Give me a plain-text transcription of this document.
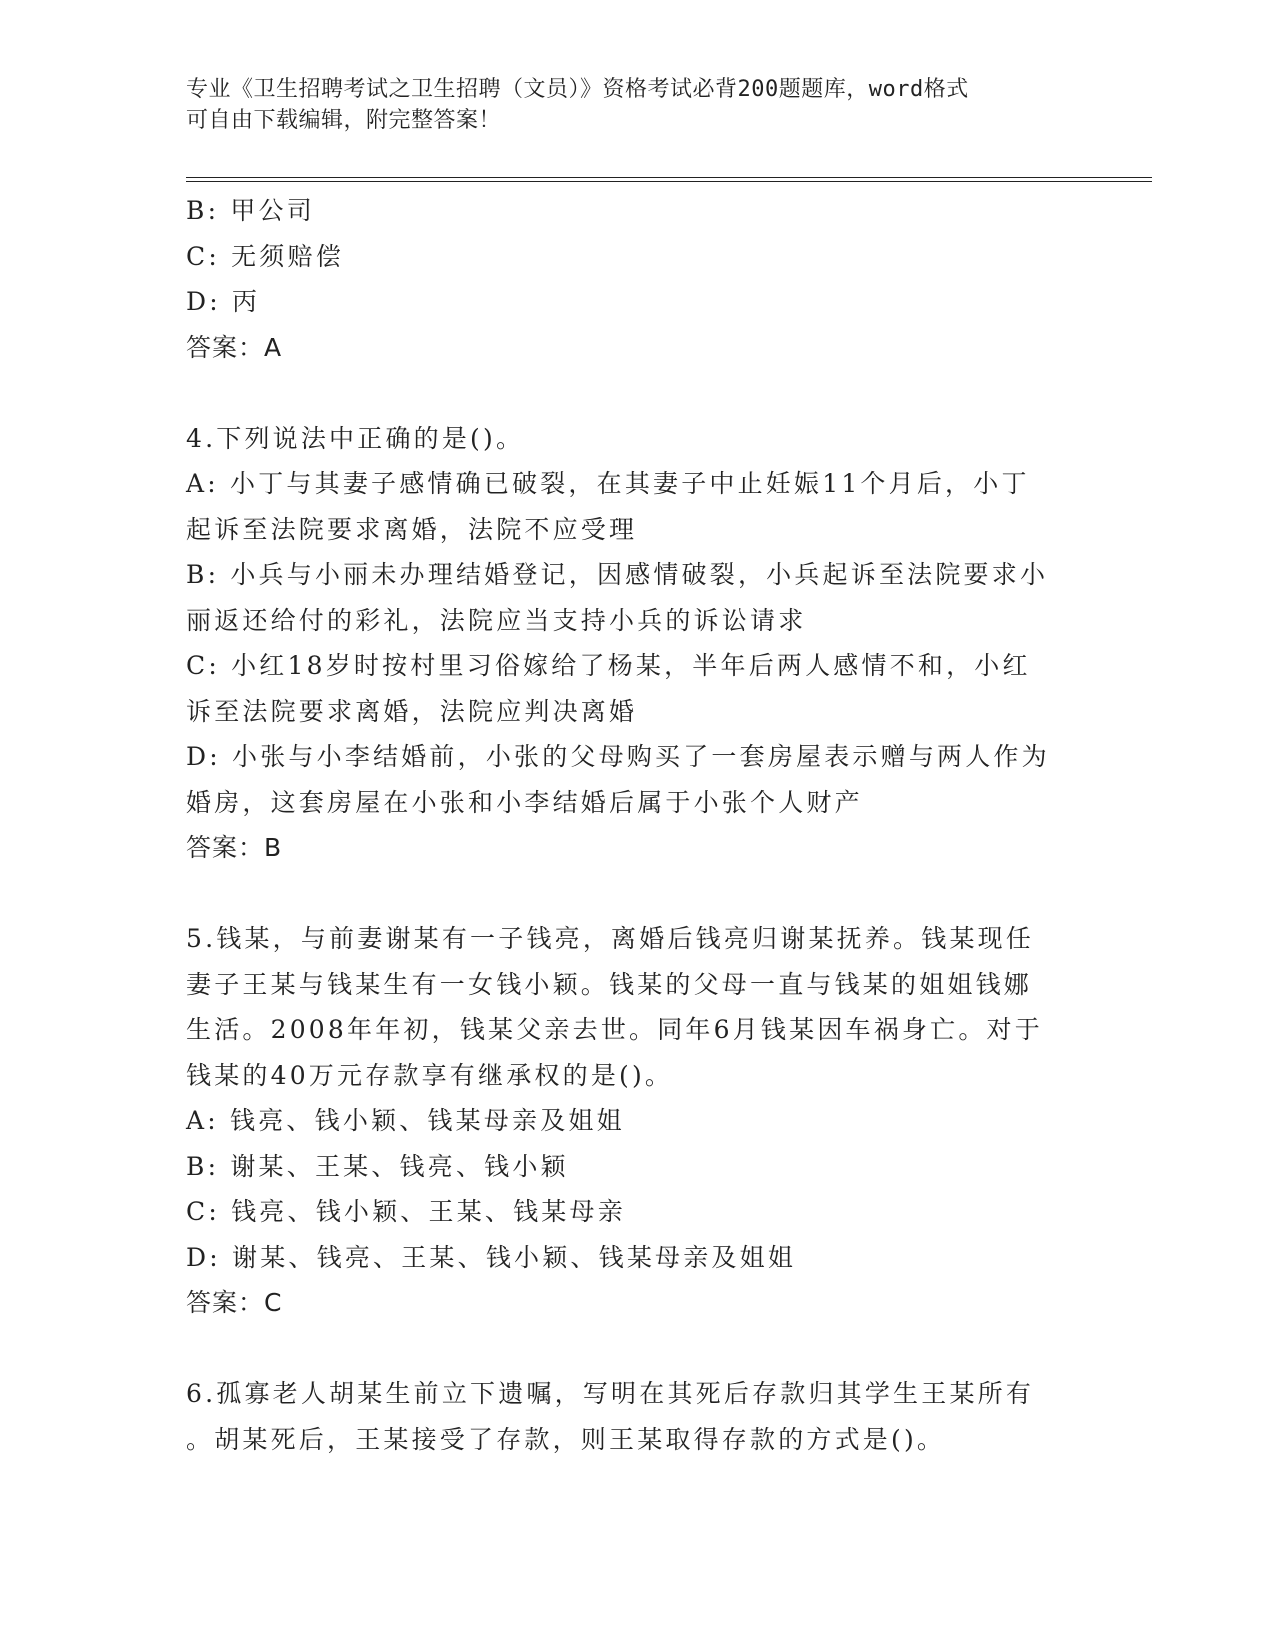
专业《卫生招聘考试之卫生招聘（文员）》资格考试必背200题题库，word格式
可自由下载编辑，附完整答案！
B: 甲公司
C: 无须赔偿
D: 丙
答案：A
4.下列说法中正确的是()。
A: 小丁与其妻子感情确已破裂，在其妻子中止妊娠11个月后，小丁
起诉至法院要求离婚，法院不应受理
B: 小兵与小丽未办理结婚登记，因感情破裂，小兵起诉至法院要求小
丽返还给付的彩礼，法院应当支持小兵的诉讼请求
C: 小红18岁时按村里习俗嫁给了杨某，半年后两人感情不和，小红
诉至法院要求离婚，法院应判决离婚
D: 小张与小李结婚前，小张的父母购买了一套房屋表示赠与两人作为
婚房，这套房屋在小张和小李结婚后属于小张个人财产
答案：B
5.钱某，与前妻谢某有一子钱亮，离婚后钱亮归谢某抚养。钱某现任
妻子王某与钱某生有一女钱小颖。钱某的父母一直与钱某的姐姐钱娜
生活。2008年年初，钱某父亲去世。同年6月钱某因车祸身亡。对于
钱某的40万元存款享有继承权的是()。
A: 钱亮、钱小颖、钱某母亲及姐姐
B: 谢某、王某、钱亮、钱小颖
C: 钱亮、钱小颖、王某、钱某母亲
D: 谢某、钱亮、王某、钱小颖、钱某母亲及姐姐
答案：C
6.孤寡老人胡某生前立下遗嘱，写明在其死后存款归其学生王某所有
。胡某死后，王某接受了存款，则王某取得存款的方式是()。
